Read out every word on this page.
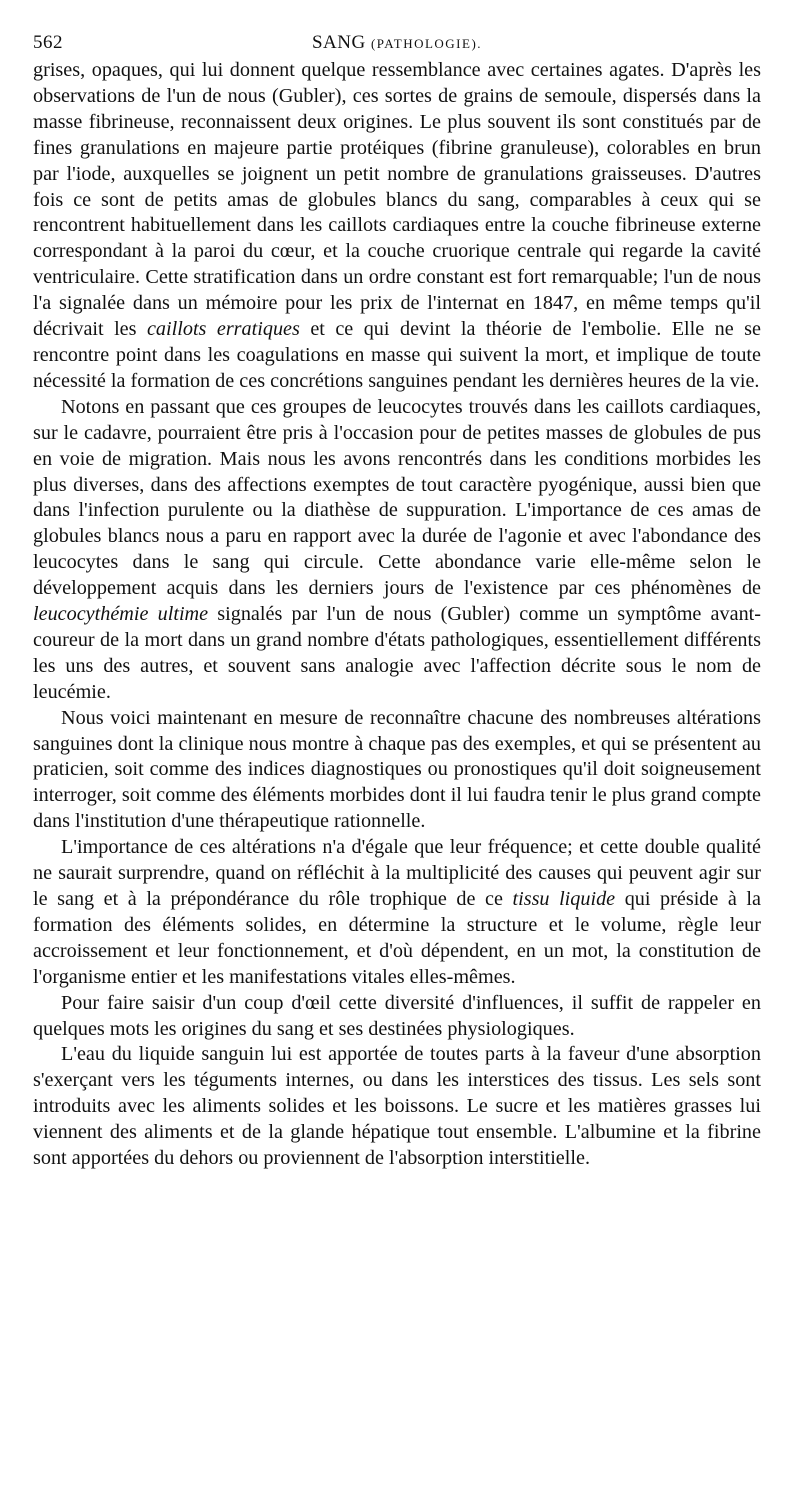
562	SANG (PATHOLOGIE).

grises, opaques, qui lui donnent quelque ressemblance avec certaines agates. D'après les observations de l'un de nous (Gubler), ces sortes de grains de semoule, dispersés dans la masse fibrineuse, reconnaissent deux origines. Le plus souvent ils sont constitués par de fines granulations en majeure partie protéiques (fibrine granuleuse), colorables en brun par l'iode, auxquelles se joignent un petit nombre de granulations graisseuses. D'autres fois ce sont de petits amas de globules blancs du sang, comparables à ceux qui se rencontrent habituellement dans les caillots cardiaques entre la couche fibrineuse externe correspondant à la paroi du cœur, et la couche cruorique centrale qui regarde la cavité ventriculaire. Cette stratification dans un ordre constant est fort remarquable; l'un de nous l'a signalée dans un mémoire pour les prix de l'internat en 1847, en même temps qu'il décrivait les caillots erratiques et ce qui devint la théorie de l'embolie. Elle ne se rencontre point dans les coagulations en masse qui suivent la mort, et implique de toute nécessité la formation de ces concrétions sanguines pendant les dernières heures de la vie.

Notons en passant que ces groupes de leucocytes trouvés dans les caillots cardiaques, sur le cadavre, pourraient être pris à l'occasion pour de petites masses de globules de pus en voie de migration. Mais nous les avons rencontrés dans les conditions morbides les plus diverses, dans des affections exemptes de tout caractère pyogénique, aussi bien que dans l'infection purulente ou la diathèse de suppuration. L'importance de ces amas de globules blancs nous a paru en rapport avec la durée de l'agonie et avec l'abondance des leucocytes dans le sang qui circule. Cette abondance varie elle-même selon le développement acquis dans les derniers jours de l'existence par ces phénomènes de leucocythémie ultime signalés par l'un de nous (Gubler) comme un symptôme avant-coureur de la mort dans un grand nombre d'états pathologiques, essentiellement différents les uns des autres, et souvent sans analogie avec l'affection décrite sous le nom de leucémie.

Nous voici maintenant en mesure de reconnaître chacune des nombreuses altérations sanguines dont la clinique nous montre à chaque pas des exemples, et qui se présentent au praticien, soit comme des indices diagnostiques ou pronostiques qu'il doit soigneusement interroger, soit comme des éléments morbides dont il lui faudra tenir le plus grand compte dans l'institution d'une thérapeutique rationnelle.

L'importance de ces altérations n'a d'égale que leur fréquence; et cette double qualité ne saurait surprendre, quand on réfléchit à la multiplicité des causes qui peuvent agir sur le sang et à la prépondérance du rôle trophique de ce tissu liquide qui préside à la formation des éléments solides, en détermine la structure et le volume, règle leur accroissement et leur fonctionnement, et d'où dépendent, en un mot, la constitution de l'organisme entier et les manifestations vitales elles-mêmes.

Pour faire saisir d'un coup d'œil cette diversité d'influences, il suffit de rappeler en quelques mots les origines du sang et ses destinées physiologiques.

L'eau du liquide sanguin lui est apportée de toutes parts à la faveur d'une absorption s'exerçant vers les téguments internes, ou dans les interstices des tissus. Les sels sont introduits avec les aliments solides et les boissons. Le sucre et les matières grasses lui viennent des aliments et de la glande hépatique tout ensemble. L'albumine et la fibrine sont apportées du dehors ou proviennent de l'absorption interstitielle.
